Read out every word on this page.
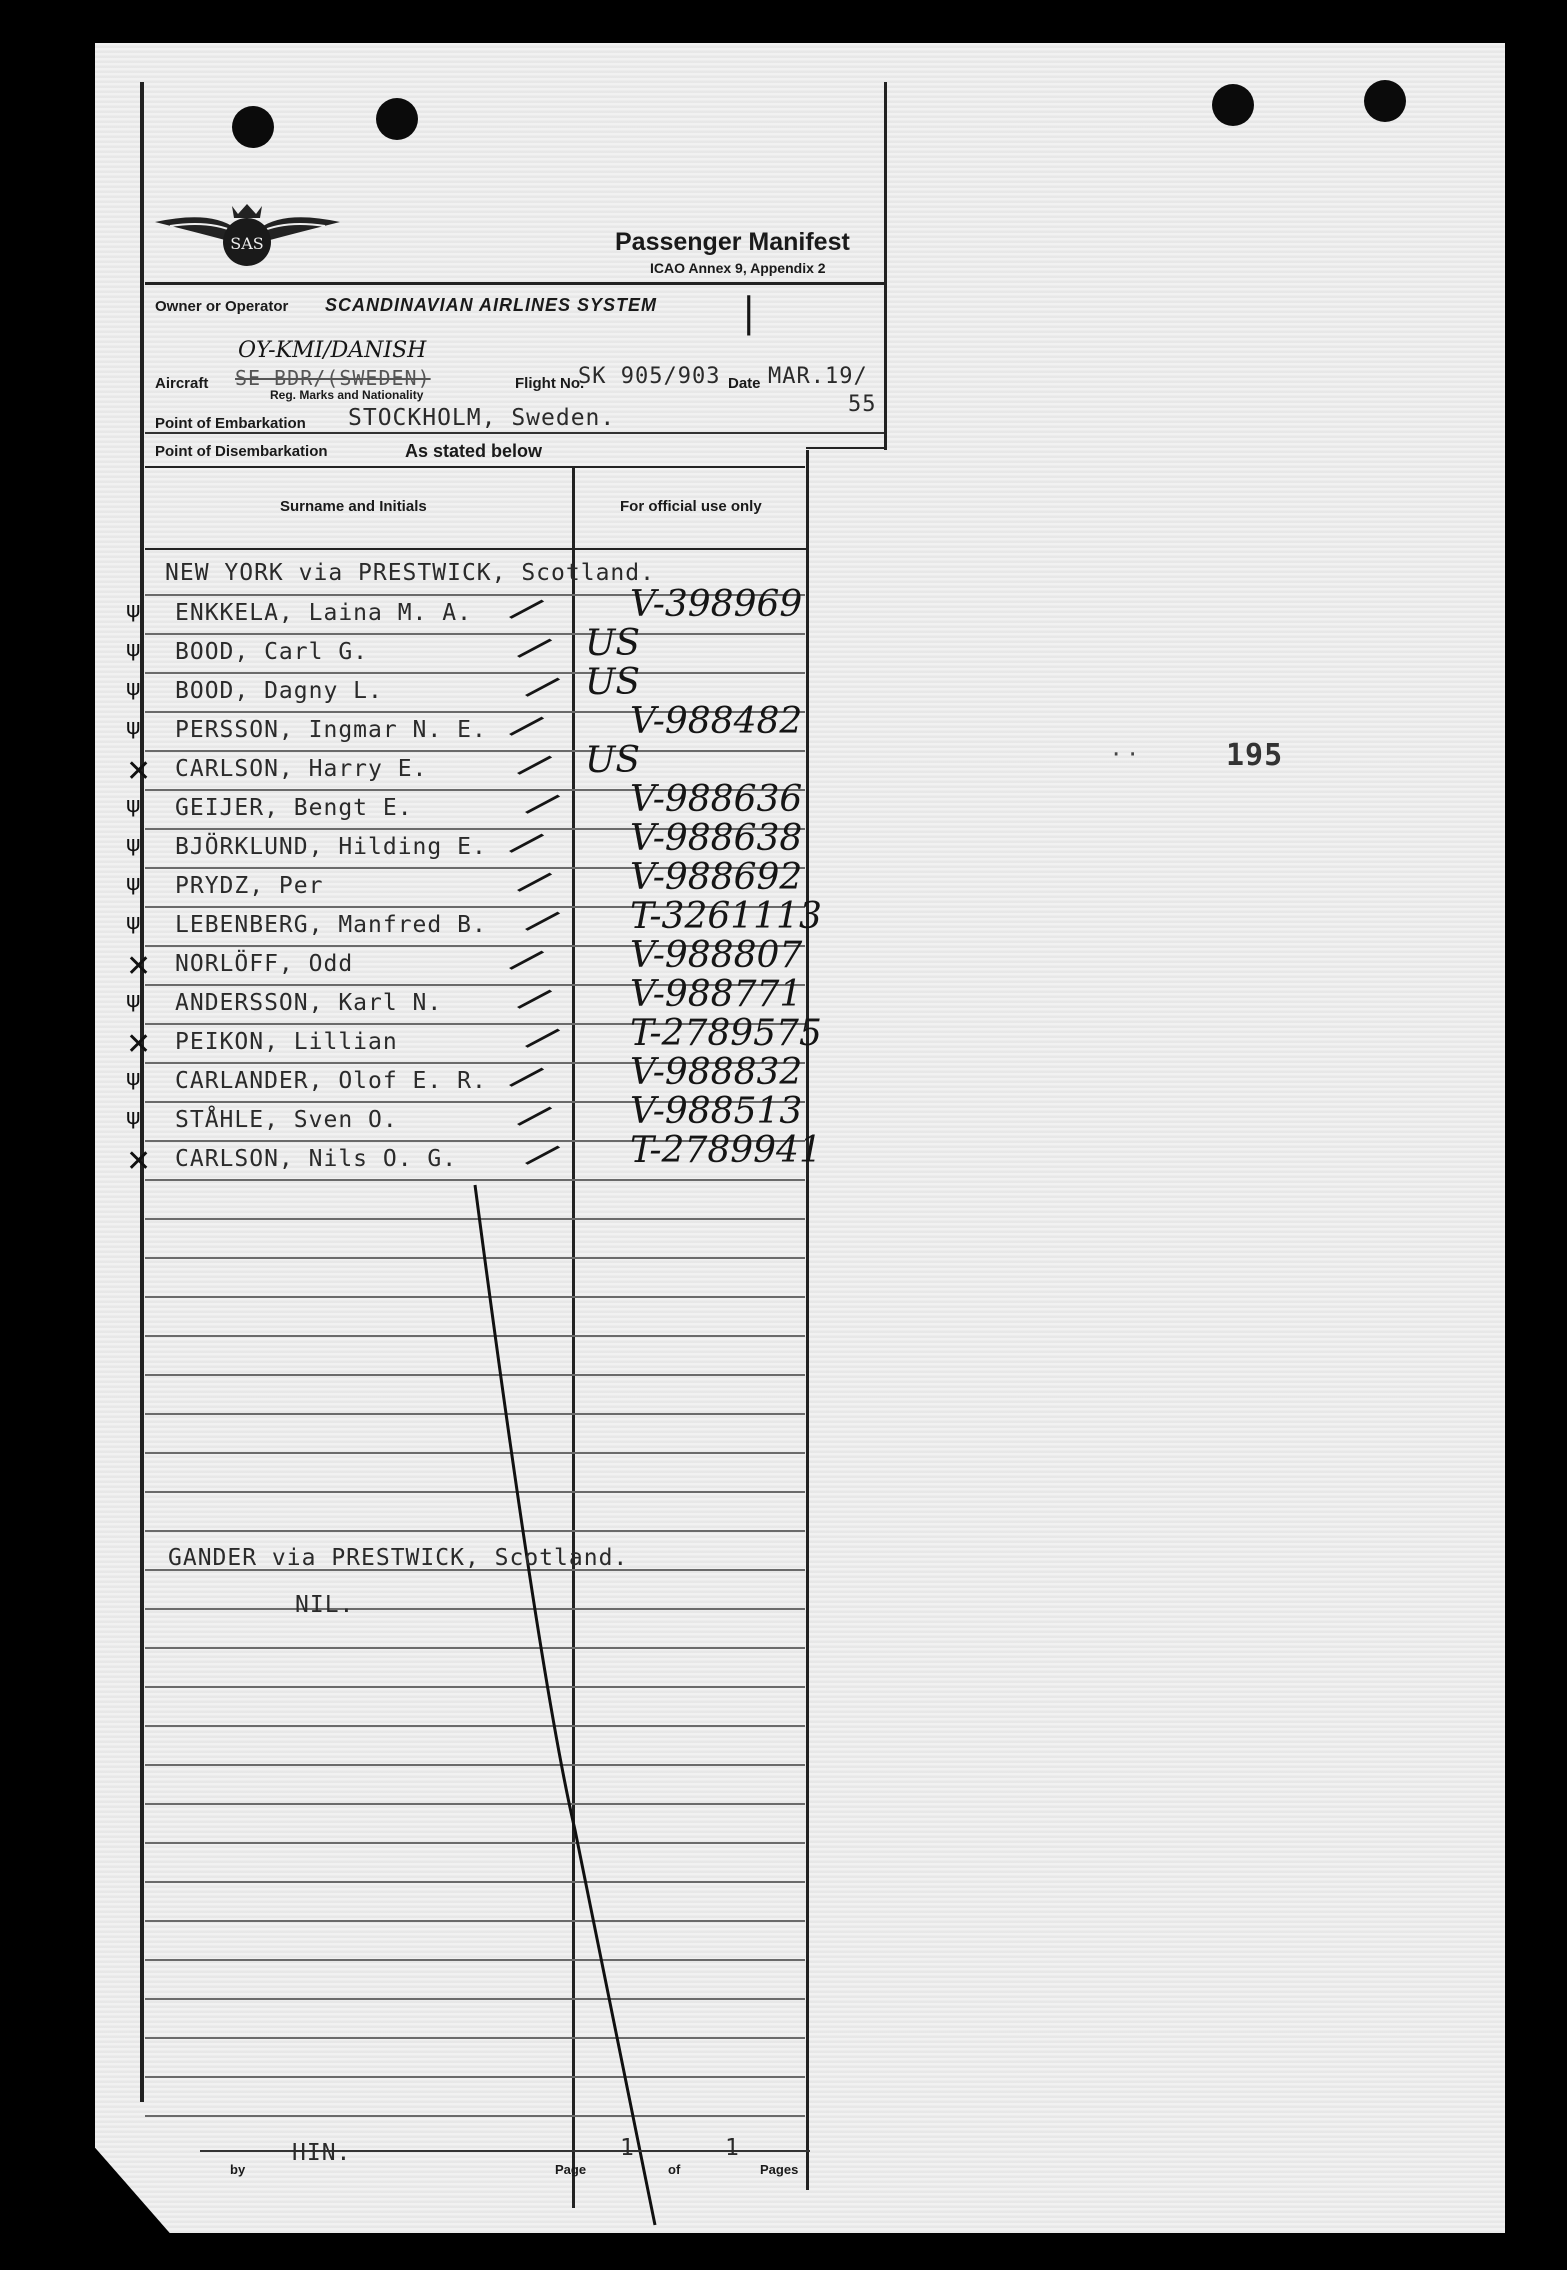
SAS	Passenger Manifest
ICAO Annex 9, Appendix 2
Owner or Operator SCANDINAVIAN AIRLINES SYSTEM |
OY-KMI/DANISH
Aircraft SE-BDR/(SWEDEN)
Reg. Marks and Nationality
Flight No.
SK 905/903 Date MAR.19/
55
Point of Embarkation STOCKHOLM, Sweden.
Point of Disembarkation	As stated below
Surname and Initials	For official use only
NEW YORK via PRESTWICK, Scotland.
ψ ENKKELA, Laina M. A. / V-398969
ψ BOOD, Carl G.	/ US
ψ BOOD, Dagny L.	/ US
ψ PERSSON, Ingmar N. E. / V-988482
✕ CARLSON, Harry E. / US
ψ GEIJER, Bengt E.	/ V-988636
ψ BJÖRKLUND, Hilding E. / V-988638
ψ PRYDZ, Per	/ V-988692
ψ LEBENBERG, Manfred B. / T-3261113
✕ NORLÖFF, Odd	/ V-988807
ψ ANDERSSON, Karl N. / V-988771
✕ PEIKON, Lillian	/ T-2789575
ψ CARLANDER, Olof E. R. / V-988832
ψ STÅHLE, Sven O.	/ V-988513
✕ CARLSON, Nils O. G. / T-2789941
GANDER via PRESTWICK, Scotland.
NIL.
by
HIN.
Page
1
of
1
Pages
195
· ·
